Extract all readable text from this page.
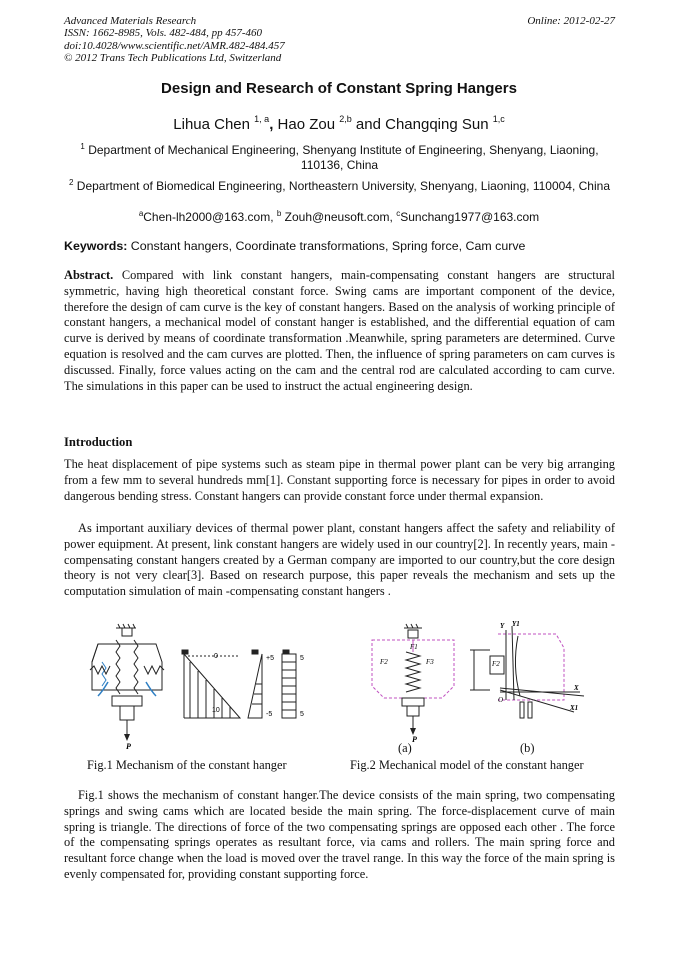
Advanced Materials Research
ISSN: 1662-8985, Vols. 482-484, pp 457-460
doi:10.4028/www.scientific.net/AMR.482-484.457
© 2012 Trans Tech Publications Ltd, Switzerland
Online: 2012-02-27
Design and Research of Constant Spring Hangers
Lihua Chen $^{1, a}$, Hao Zou $^{2,b}$ and Changqing Sun $^{1,c}$
$^1$ Department of Mechanical Engineering, Shenyang Institute of Engineering, Shenyang, Liaoning, 110136, China
$^2$ Department of Biomedical Engineering, Northeastern University, Shenyang, Liaoning, 110004, China
$^a$Chen-lh2000@163.com, $^b$ Zouh@neusoft.com, $^c$Sunchang1977@163.com
Keywords: Constant hangers, Coordinate transformations, Spring force, Cam curve
Abstract. Compared with link constant hangers, main-compensating constant hangers are structural symmetric, having high theoretical constant force. Swing cams are important component of the device, therefore the design of cam curve is the key of constant hangers. Based on the analysis of working principle of constant hangers, a mechanical model of constant hanger is established, and the differential equation of cam curve is derived by means of coordinate transformation .Meanwhile, spring parameters are determined. Curve equation is resolved and the cam curves are plotted. Then, the influence of spring parameters on cam curves is discussed. Finally, force values acting on the cam and the central rod are calculated according to cam curve. The simulations in this paper can be used to instruct the actual engineering design.
Introduction
The heat displacement of pipe systems such as steam pipe in thermal power plant can be very big arranging from a few mm to several hundreds mm[1]. Constant supporting force is necessary for pipes in order to avoid dangerous bending stress. Constant hangers can provide constant force under thermal expansion.
As important auxiliary devices of thermal power plant, constant hangers affect the safety and reliability of power equipment. At present, link constant hangers are widely used in our country[2]. In recently years, main -compensating constant hangers created by a German company are imported to our country,but the core design theory is not very clear[3]. Based on research purpose, this paper reveals the mechanism and sets up the computation simulation of main -compensating constant hangers .
P
0
10
+5
-5
5
5
P
F2
F1
F3
Y Y1
X
X1
O
F2
(a)	(b)
Fig.1 Mechanism of the constant hanger	Fig.2 Mechanical model of the constant hanger
Fig.1 shows the mechanism of constant hanger.The device consists of the main spring, two compensating springs and swing cams which are located beside the main spring. The force-displacement curve of main spring is triangle. The directions of force of the two compensating springs are opposed each other . The force of the compensating springs operates as resultant force, via cams and rollers. The main spring force and resultant force change when the load is moved over the travel range. In this way the force of the main spring is evenly compensated for, providing constant supporting force.
